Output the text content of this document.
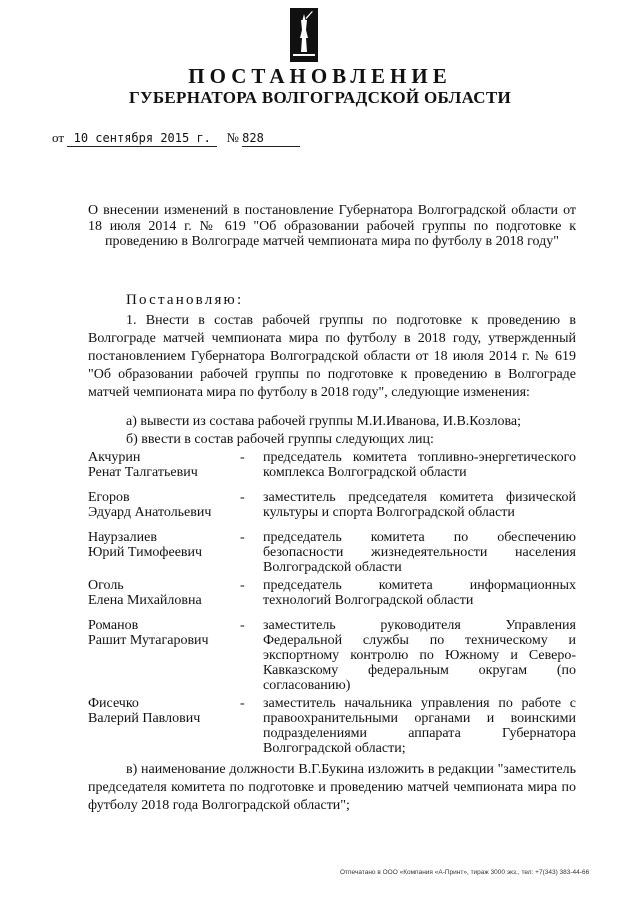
ПОСТАНОВЛЕНИЕ
ГУБЕРНАТОРА ВОЛГОГРАДСКОЙ ОБЛАСТИ
от 10 сентября 2015 г. № 828
О внесении изменений в постановление Губернатора Волгоградской области от 18 июля 2014 г. № 619 "Об образовании рабочей группы по подготовке к проведению в Волгограде матчей чемпионата мира по футболу в 2018 году"
Постановляю:
1. Внести в состав рабочей группы по подготовке к проведению в Волгограде матчей чемпионата мира по футболу в 2018 году, утвержденный постановлением Губернатора Волгоградской области от 18 июля 2014 г. № 619 "Об образовании рабочей группы по подготовке к проведению в Волгограде матчей чемпионата мира по футболу в 2018 году", следующие изменения:
а) вывести из состава рабочей группы М.И.Иванова, И.В.Козлова;
б) ввести в состав рабочей группы следующих лиц:
Акчурин
Ренат Талгатьевич
-	председатель комитета топливно-энергетического комплекса Волгоградской области
Егоров
Эдуард Анатольевич
-	заместитель председателя комитета физической культуры и спорта Волгоградской области
Наурзалиев
Юрий Тимофеевич
-	председатель комитета по обеспечению безопасности жизнедеятельности населения Волгоградской области
Оголь
Елена Михайловна
-	председатель комитета информационных технологий Волгоградской области
Романов
Рашит Мутагарович
-	заместитель руководителя Управления Федеральной службы по техническому и экспортному контролю по Южному и Северо-Кавказскому федеральным округам (по согласованию)
Фисечко
Валерий Павлович
-	заместитель начальника управления по работе с правоохранительными органами и воинскими подразделениями аппарата Губернатора Волгоградской области;
в) наименование должности В.Г.Букина изложить в редакции "заместитель председателя комитета по подготовке и проведению матчей чемпионата мира по футболу 2018 года Волгоградской области";
Отпечатано в ООО «Компания «А-Принт», тираж 3000 экз., тел: +7(343) 383-44-66
